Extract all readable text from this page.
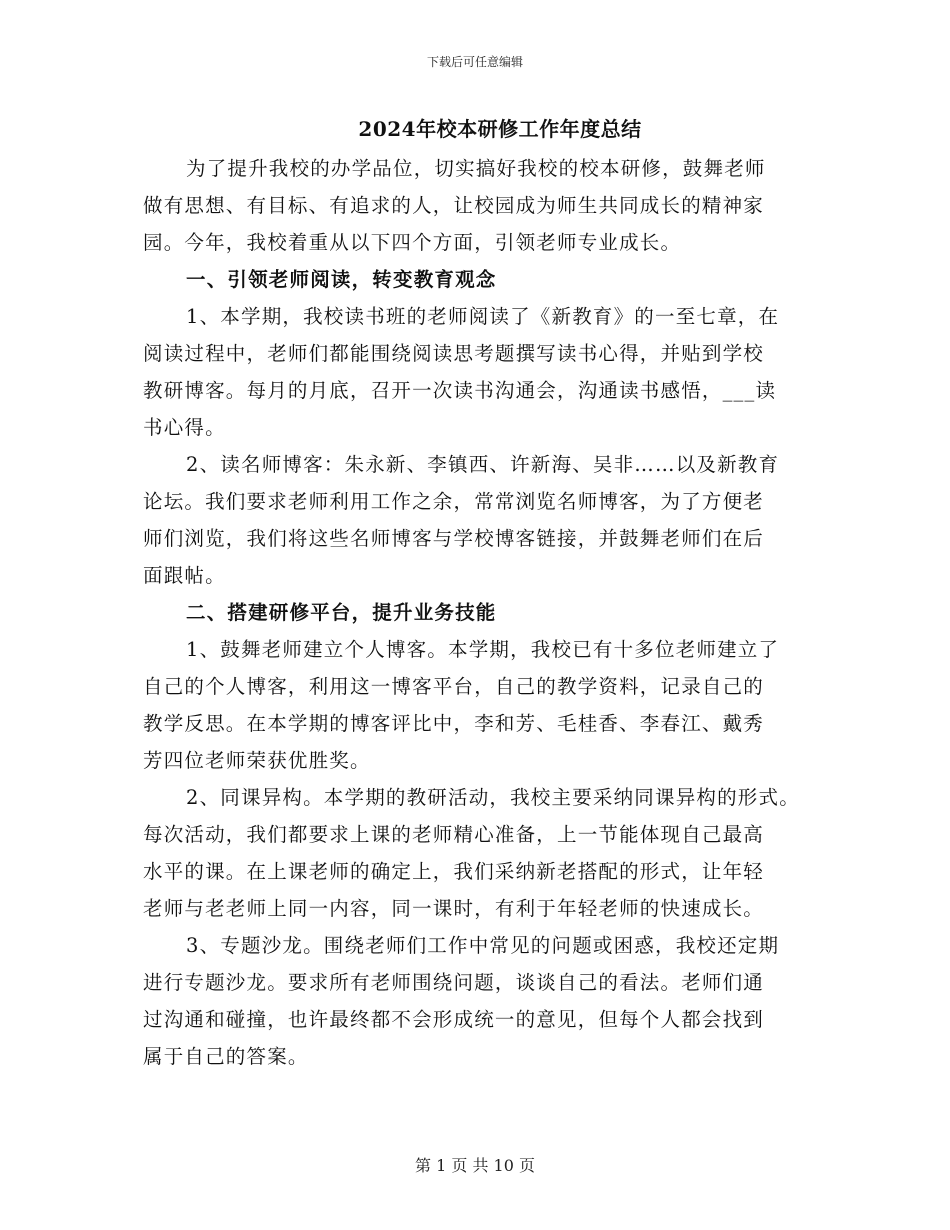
下载后可任意编辑
2024年校本研修工作年度总结
为了提升我校的办学品位，切实搞好我校的校本研修，鼓舞老师
做有思想、有目标、有追求的人，让校园成为师生共同成长的精神家
园。今年，我校着重从以下四个方面，引领老师专业成长。
一、引领老师阅读，转变教育观念
1、本学期，我校读书班的老师阅读了《新教育》的一至七章，在
阅读过程中，老师们都能围绕阅读思考题撰写读书心得，并贴到学校
教研博客。每月的月底，召开一次读书沟通会，沟通读书感悟，___读
书心得。
2、读名师博客：朱永新、李镇西、许新海、吴非……以及新教育
论坛。我们要求老师利用工作之余，常常浏览名师博客，为了方便老
师们浏览，我们将这些名师博客与学校博客链接，并鼓舞老师们在后
面跟帖。
二、搭建研修平台，提升业务技能
1、鼓舞老师建立个人博客。本学期，我校已有十多位老师建立了
自己的个人博客，利用这一博客平台，自己的教学资料，记录自己的
教学反思。在本学期的博客评比中，李和芳、毛桂香、李春江、戴秀
芳四位老师荣获优胜奖。
2、同课异构。本学期的教研活动，我校主要采纳同课异构的形式。
每次活动，我们都要求上课的老师精心准备，上一节能体现自己最高
水平的课。在上课老师的确定上，我们采纳新老搭配的形式，让年轻
老师与老老师上同一内容，同一课时，有利于年轻老师的快速成长。
3、专题沙龙。围绕老师们工作中常见的问题或困惑，我校还定期
进行专题沙龙。要求所有老师围绕问题，谈谈自己的看法。老师们通
过沟通和碰撞，也许最终都不会形成统一的意见，但每个人都会找到
属于自己的答案。
第 1 页 共 10 页
